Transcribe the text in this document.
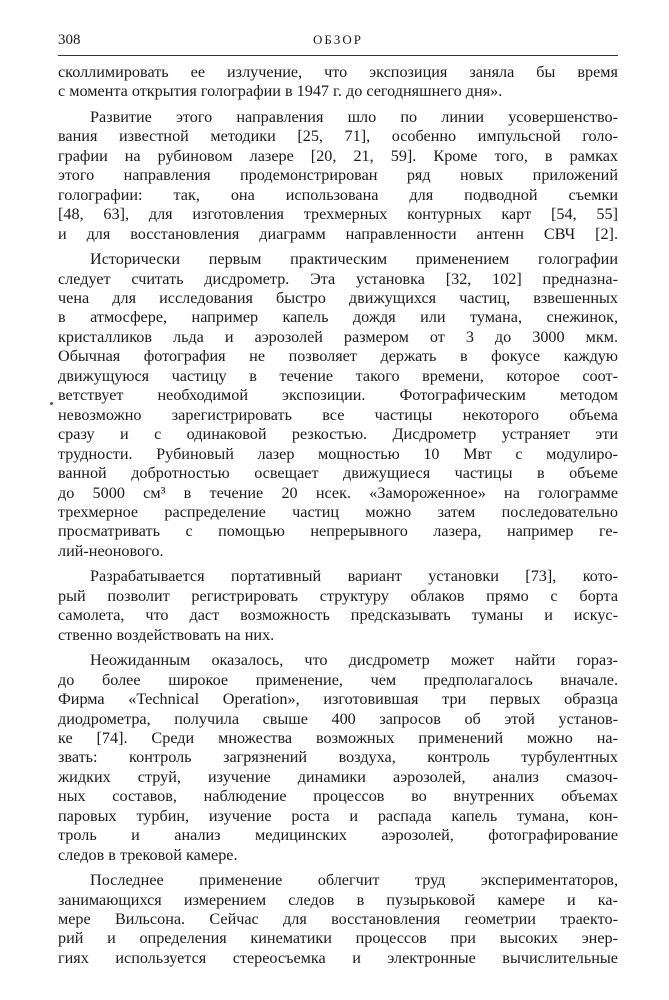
308	ОБЗОР
сколлимировать ее излучение, что экспозиция заняла бы время
с момента открытия голографии в 1947 г. до сегодняшнего дня».
Развитие этого направления шло по линии усовершенство-
вания известной методики [25, 71], особенно импульсной голо-
графии на рубиновом лазере [20, 21, 59]. Кроме того, в рамках
этого направления продемонстрирован ряд новых приложений
голографии: так, она использована для подводной съемки
[48, 63], для изготовления трехмерных контурных карт [54, 55]
и для восстановления диаграмм направленности антенн СВЧ [2].
Исторически первым практическим применением голографии
следует считать дисдрометр. Эта установка [32, 102] предназна-
чена для исследования быстро движущихся частиц, взвешенных
в атмосфере, например капель дождя или тумана, снежинок,
кристалликов льда и аэрозолей размером от 3 до 3000 мкм.
Обычная фотография не позволяет держать в фокусе каждую
движущуюся частицу в течение такого времени, которое соот-
ветствует необходимой экспозиции. Фотографическим методом
невозможно зарегистрировать все частицы некоторого объема
сразу и с одинаковой резкостью. Дисдрометр устраняет эти
трудности. Рубиновый лазер мощностью 10 Мвт с модулиро-
ванной добротностью освещает движущиеся частицы в объеме
до 5000 см³ в течение 20 нсек. «Замороженное» на голограмме
трехмерное распределение частиц можно затем последовательно
просматривать с помощью непрерывного лазера, например ге-
лий-неонового.
Разрабатывается портативный вариант установки [73], кото-
рый позволит регистрировать структуру облаков прямо с борта
самолета, что даст возможность предсказывать туманы и искус-
ственно воздействовать на них.
Неожиданным оказалось, что дисдрометр может найти гораз-
до более широкое применение, чем предполагалось вначале.
Фирма «Technical Operation», изготовившая три первых образца
диодрометра, получила свыше 400 запросов об этой установ-
ке [74]. Среди множества возможных применений можно на-
звать: контроль загрязнений воздуха, контроль турбулентных
жидких струй, изучение динамики аэрозолей, анализ смазоч-
ных составов, наблюдение процессов во внутренних объемах
паровых турбин, изучение роста и распада капель тумана, кон-
троль и анализ медицинских аэрозолей, фотографирование
следов в трековой камере.
Последнее применение облегчит труд экспериментаторов,
занимающихся измерением следов в пузырьковой камере и ка-
мере Вильсона. Сейчас для восстановления геометрии траекто-
рий и определения кинематики процессов при высоких энер-
гиях используется стереосъемка и электронные вычислительные
